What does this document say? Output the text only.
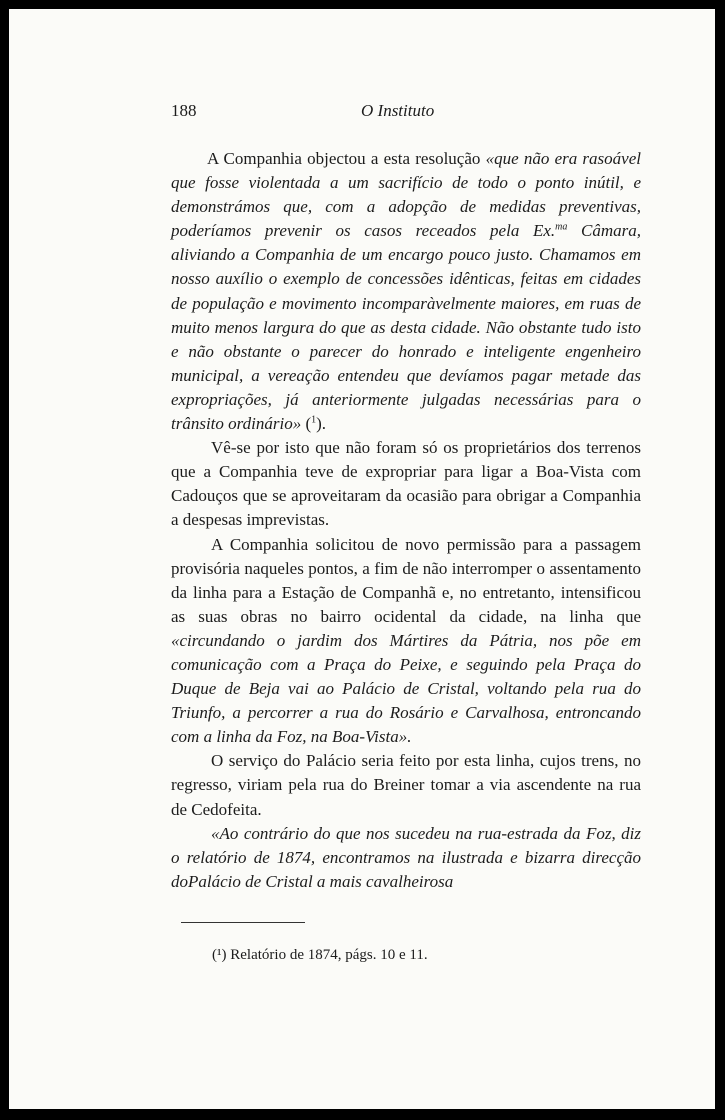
188	O Instituto

A Companhia objectou a esta resolução «que não era rasoável que fosse violentada a um sacrifício de todo o ponto inútil, e demonstrámos que, com a adopção de medidas preventivas, poderíamos prevenir os casos receados pela Ex.$^{ma}$ Câmara, aliviando a Companhia de um encargo pouco justo. Chamamos em nosso auxílio o exemplo de concessões idênticas, feitas em cidades de população e movimento incomparàvelmente maiores, em ruas de muito menos largura do que as desta cidade. Não obstante tudo isto e não obstante o parecer do honrado e inteligente engenheiro municipal, a vereação entendeu que devíamos pagar metade das expropriações, já anteriormente julgadas necessárias para o trânsito ordinário» ($^1$).

Vê-se por isto que não foram só os proprietários dos terrenos que a Companhia teve de expropriar para ligar a Boa-Vista com Cadouços que se aproveitaram da ocasião para obrigar a Companhia a despesas imprevistas.

A Companhia solicitou de novo permissão para a passagem provisória naqueles pontos, a fim de não interromper o assentamento da linha para a Estação de Companhã e, no entretanto, intensificou as suas obras no bairro ocidental da cidade, na linha que «circundando o jardim dos Mártires da Pátria, nos põe em comunicação com a Praça do Peixe, e seguindo pela Praça do Duque de Beja vai ao Palácio de Cristal, voltando pela rua do Triunfo, a percorrer a rua do Rosário e Carvalhosa, entroncando com a linha da Foz, na Boa-Vista».

O serviço do Palácio seria feito por esta linha, cujos trens, no regresso, viriam pela rua do Breiner tomar a via ascendente na rua de Cedofeita.

«Ao contrário do que nos sucedeu na rua-estrada da Foz, diz o relatório de 1874, encontramos na ilustrada e bizarra direcção doPalácio de Cristal a mais cavalheirosa

(¹) Relatório de 1874, págs. 10 e 11.
